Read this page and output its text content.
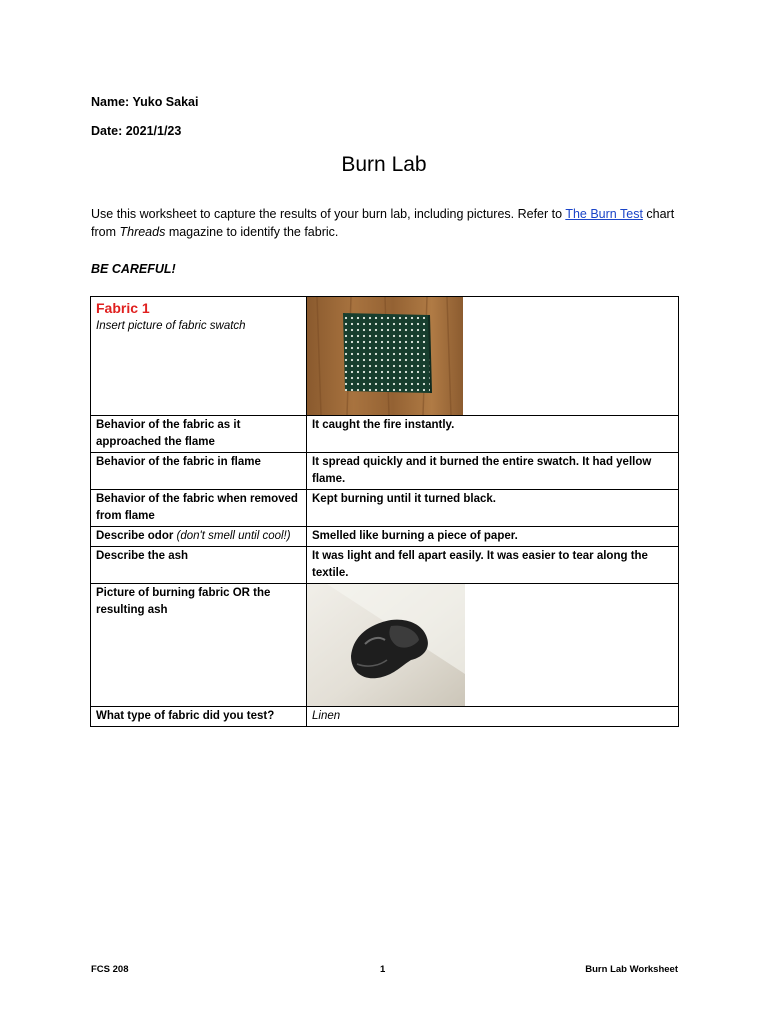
Name: Yuko Sakai
Date: 2021/1/23
Burn Lab
Use this worksheet to capture the results of your burn lab, including pictures. Refer to The Burn Test chart from Threads magazine to identify the fabric.
BE CAREFUL!
Fabric 1
Insert picture of fabric swatch

Behavior of the fabric as it approached the flame	It caught the fire instantly.
Behavior of the fabric in flame	It spread quickly and it burned the entire swatch. It had yellow flame.
Behavior of the fabric when removed from flame	Kept burning until it turned black.
Describe odor (don't smell until cool!)	Smelled like burning a piece of paper.
Describe the ash	It was light and fell apart easily. It was easier to tear along the textile.
Picture of burning fabric OR the resulting ash	

What type of fabric did you test?	Linen
FCS 208	1	Burn Lab Worksheet
